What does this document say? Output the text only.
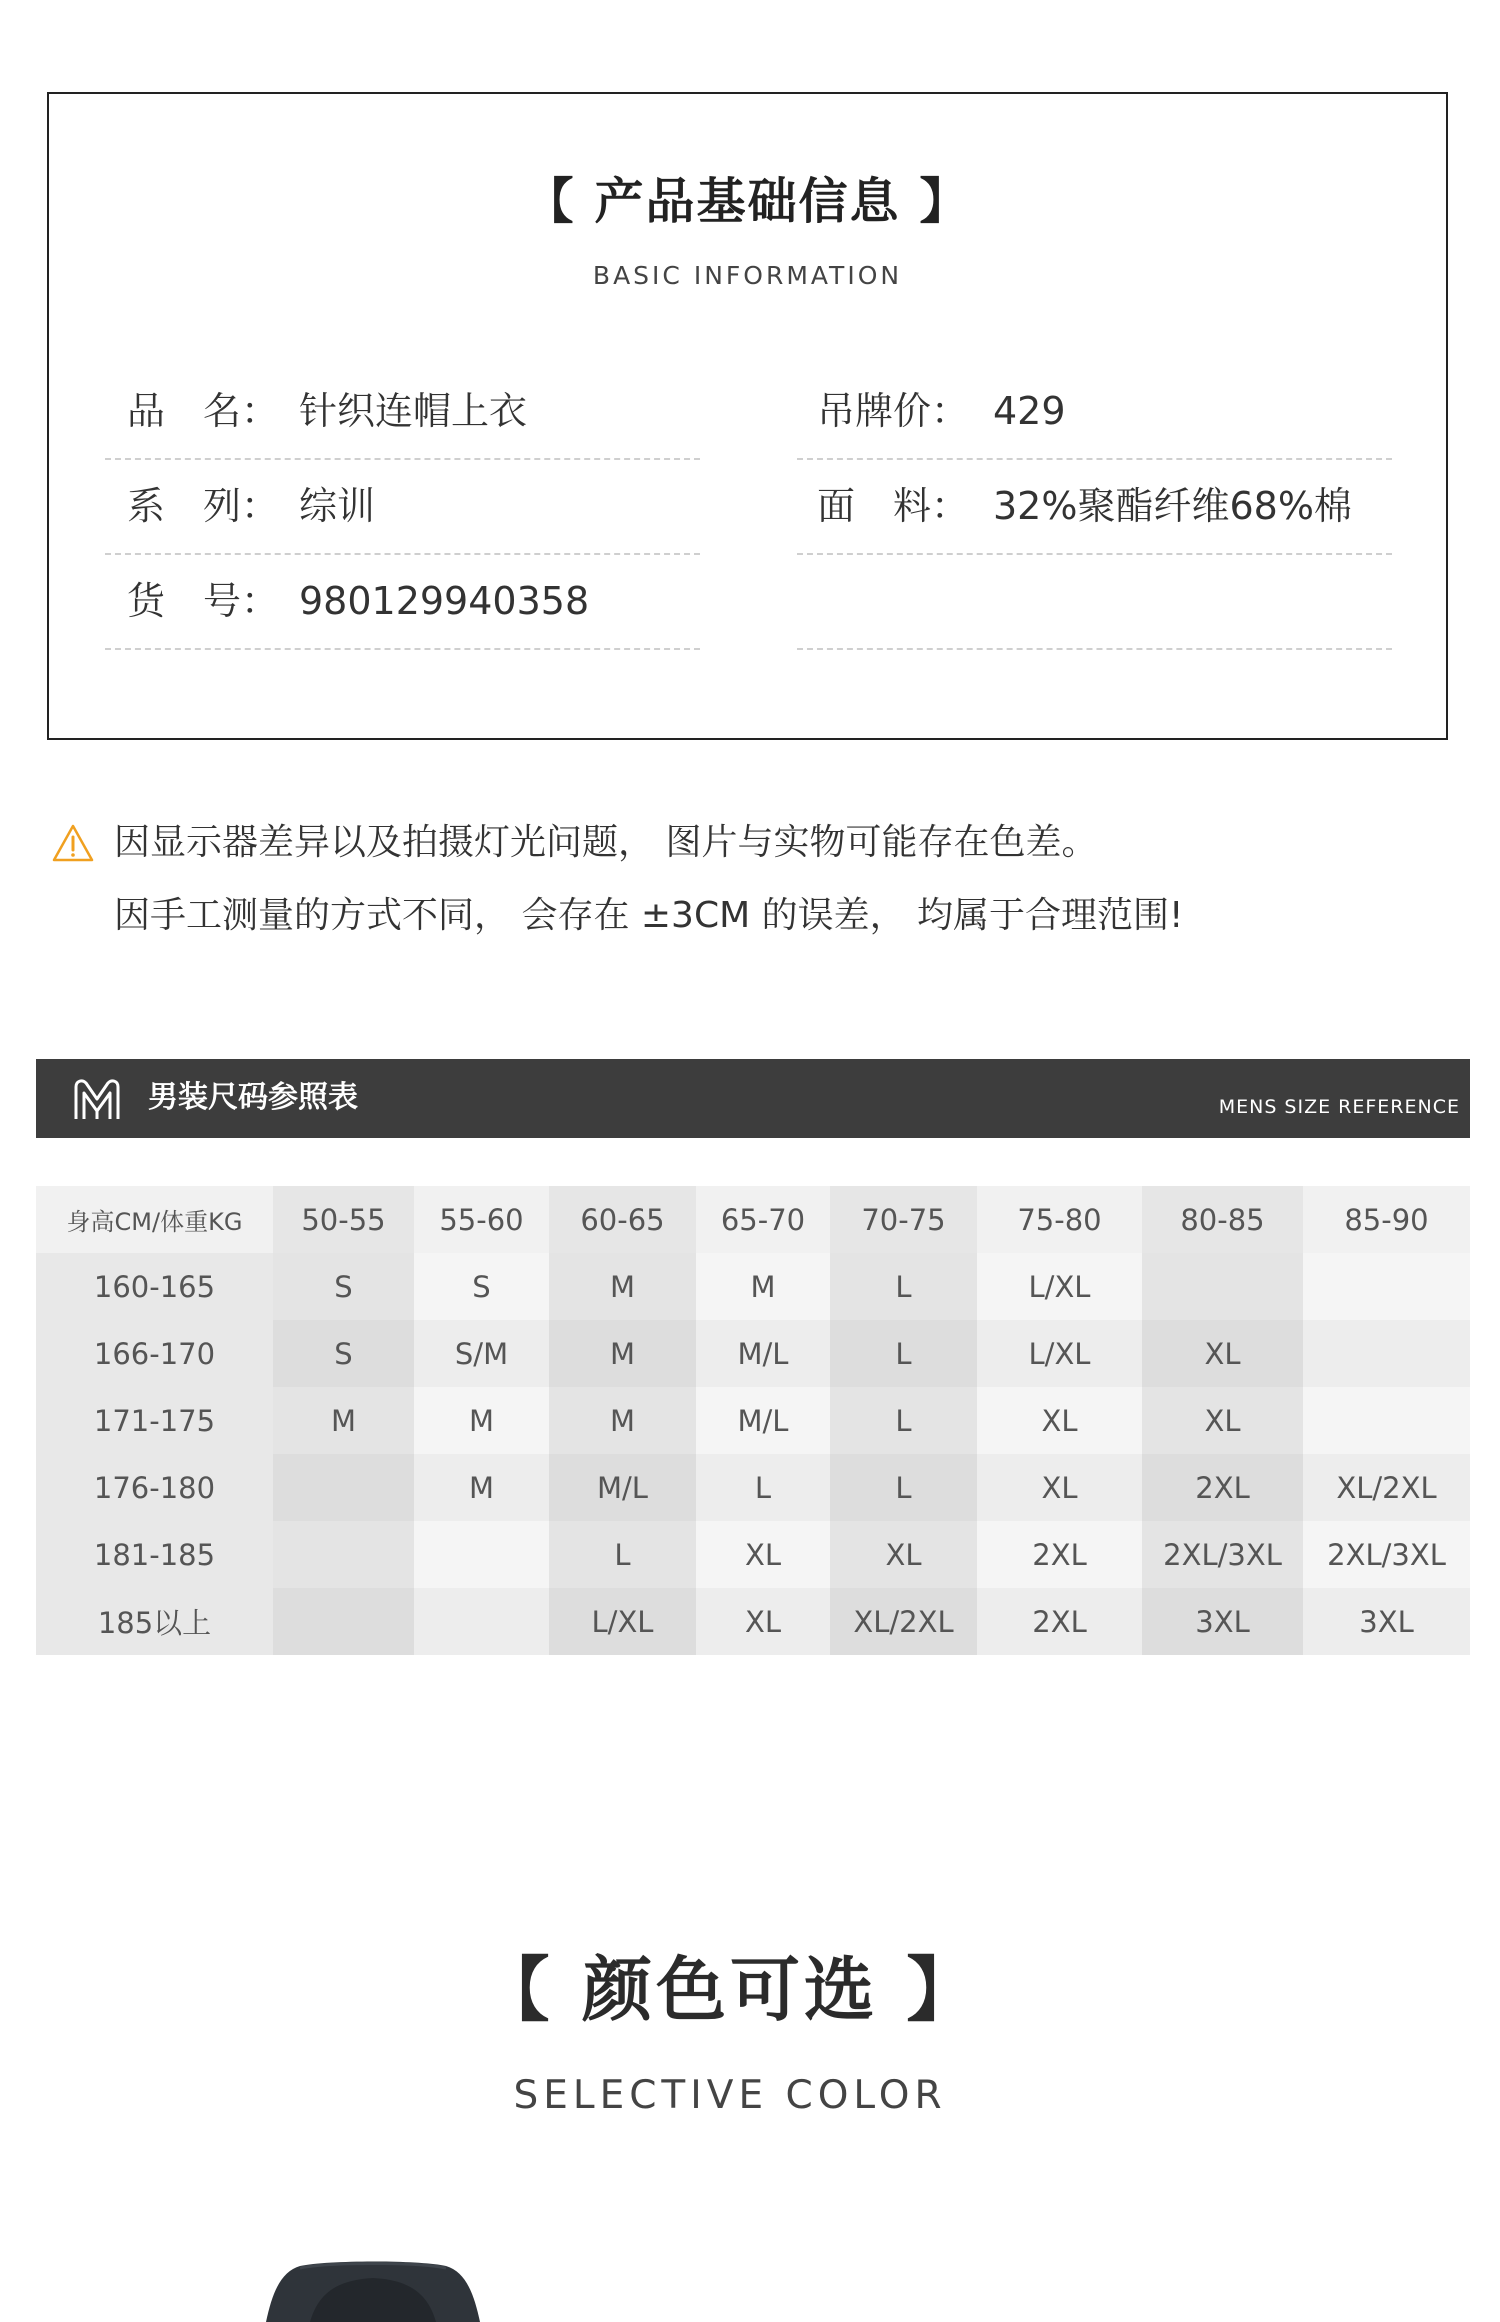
【 产品基础信息 】
BASIC INFORMATION
品　名： 针织连帽上衣
系　列： 综训
货　号： 980129940358
吊牌价： 429
面　料： 32%聚酯纤维68%棉
因显示器差异以及拍摄灯光问题， 图片与实物可能存在色差。
因手工测量的方式不同， 会存在 ±3CM 的误差， 均属于合理范围!
男装尺码参照表	MENS SIZE REFERENCE
身高CM/体重KG	50-55	55-60	60-65	65-70	70-75	75-80	80-85	85-90
160-165	S	S	M	M	L	L/XL		
166-170	S	S/M	M	M/L	L	L/XL	XL	
171-175	M	M	M	M/L	L	XL	XL	
176-180		M	M/L	L	L	XL	2XL	XL/2XL
181-185			L	XL	XL	2XL	2XL/3XL	2XL/3XL
185以上			L/XL	XL	XL/2XL	2XL	3XL	3XL
【 颜色可选 】
SELECTIVE COLOR
